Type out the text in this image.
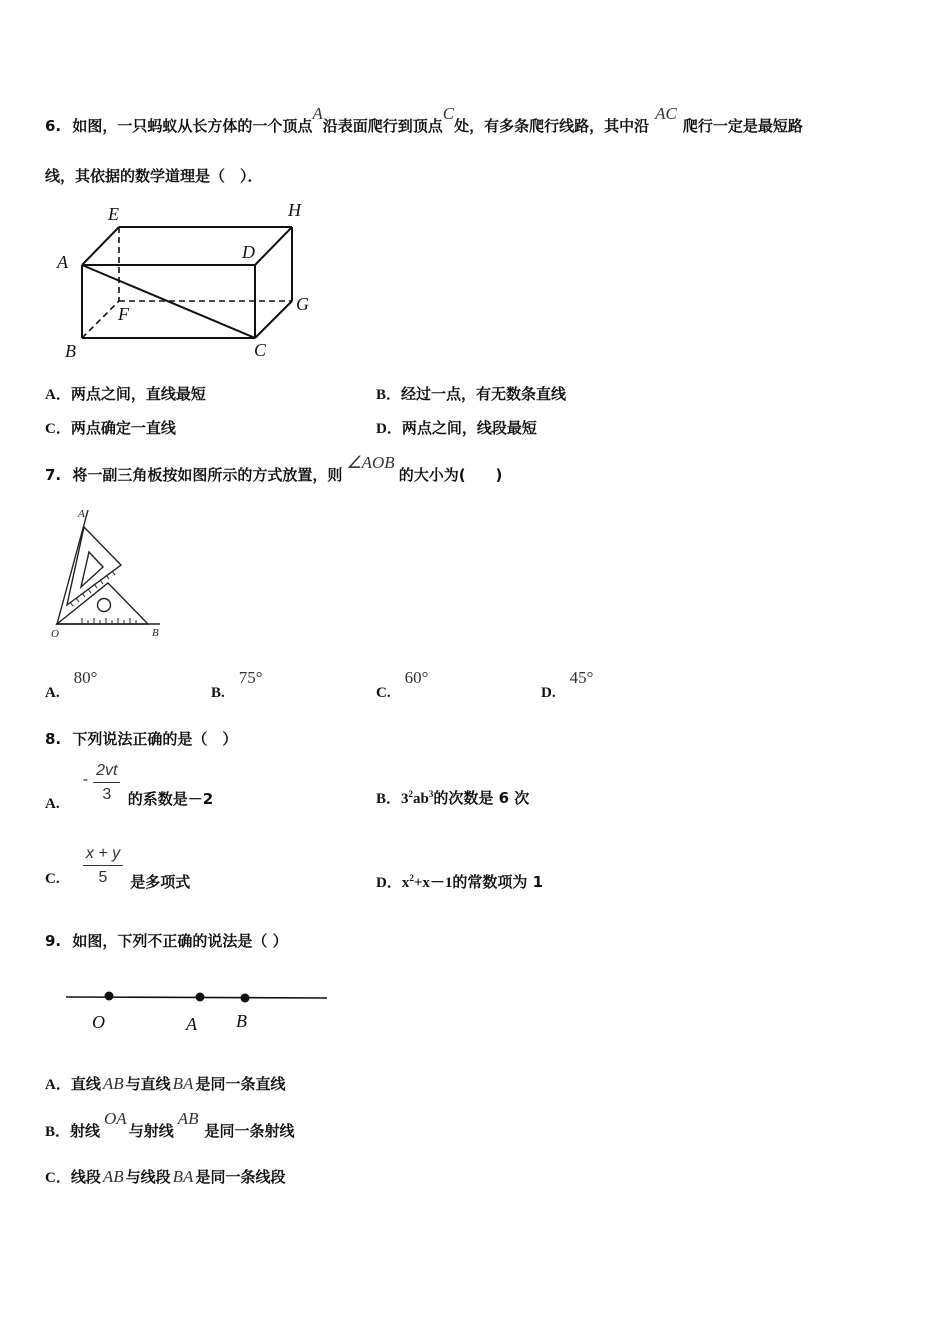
6. 如图，一只蚂蚁从长方体的一个顶点A沿表面爬行到顶点C处，有多条爬行线路，其中沿AC爬行一定是最短路
线，其依据的数学道理是（　）．
E	H
A	D
G
F
B	C
A．两点之间，直线最短	B．经过一点，有无数条直线
C．两点确定一直线	D．两点之间，线段最短
7. 将一副三角板按如图所示的方式放置，则∠AOB的大小为(　　)
A
O	B
A.80°
B.75°
C.60°
D.45°
8. 下列说法正确的是（　）
A. - $\frac{2vt}{3}$ 的系数是－2	B．$3^2ab^3$的次数是 6 次
C. $\frac{x + y}{5}$ 是多项式	D．$x^2+x-1$的常数项为 1
9. 如图，下列不正确的说法是（ ）
O	A B
A．直线 AB 与直线 BA 是同一条直线
B．射线OA与射线AB是同一条射线
C．线段 AB 与线段 BA 是同一条线段
